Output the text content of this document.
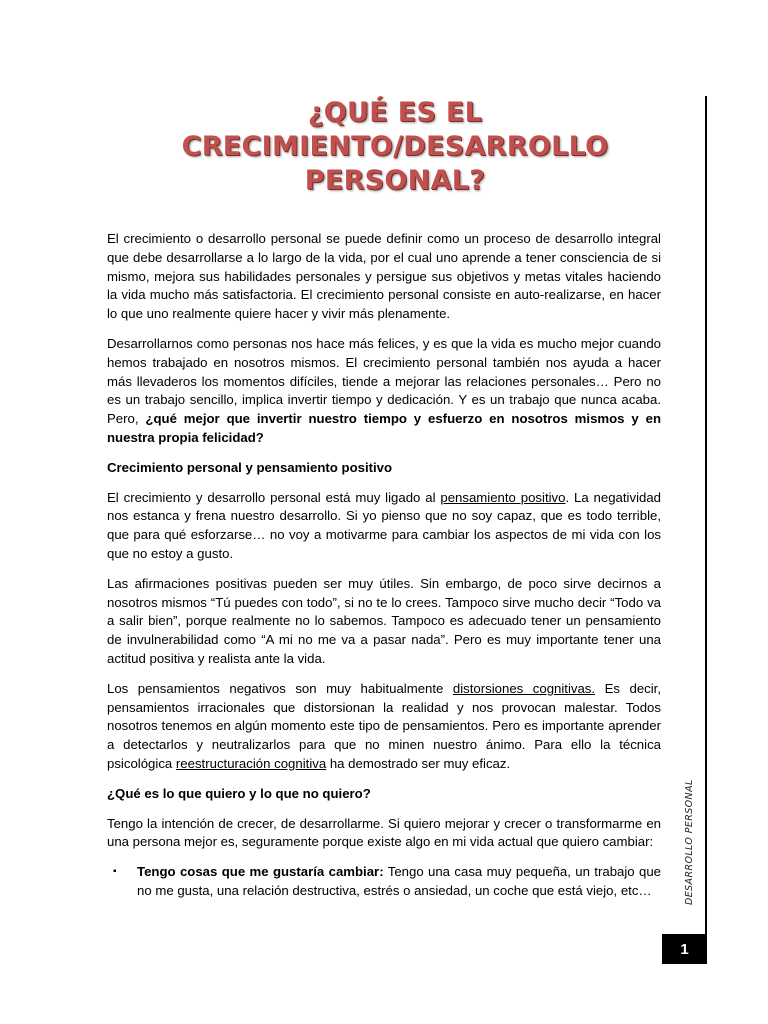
¿QUÉ ES EL CRECIMIENTO/DESARROLLO
PERSONAL?

El crecimiento o desarrollo personal se puede definir como un proceso de desarrollo integral que debe desarrollarse a lo largo de la vida, por el cual uno aprende a tener consciencia de si mismo, mejora sus habilidades personales y persigue sus objetivos y metas vitales haciendo la vida mucho más satisfactoria. El crecimiento personal consiste en auto-realizarse, en hacer lo que uno realmente quiere hacer y vivir más plenamente.

Desarrollarnos como personas nos hace más felices, y es que la vida es mucho mejor cuando hemos trabajado en nosotros mismos. El crecimiento personal también nos ayuda a hacer más llevaderos los momentos difíciles, tiende a mejorar las relaciones personales… Pero no es un trabajo sencillo, implica invertir tiempo y dedicación. Y es un trabajo que nunca acaba. Pero, ¿qué mejor que invertir nuestro tiempo y esfuerzo en nosotros mismos y en nuestra propia felicidad?

Crecimiento personal y pensamiento positivo

El crecimiento y desarrollo personal está muy ligado al pensamiento positivo. La negatividad nos estanca y frena nuestro desarrollo. Si yo pienso que no soy capaz, que es todo terrible, que para qué esforzarse… no voy a motivarme para cambiar los aspectos de mi vida con los que no estoy a gusto.

Las afirmaciones positivas pueden ser muy útiles. Sin embargo, de poco sirve decirnos a nosotros mismos “Tú puedes con todo”, si no te lo crees. Tampoco sirve mucho decir “Todo va a salir bien”, porque realmente no lo sabemos. Tampoco es adecuado tener un pensamiento de invulnerabilidad como “A mi no me va a pasar nada”. Pero es muy importante tener una actitud positiva y realista ante la vida.

Los pensamientos negativos son muy habitualmente distorsiones cognitivas. Es decir, pensamientos irracionales que distorsionan la realidad y nos provocan malestar. Todos nosotros tenemos en algún momento este tipo de pensamientos. Pero es importante aprender a detectarlos y neutralizarlos para que no minen nuestro ánimo. Para ello la técnica psicológica reestructuración cognitiva ha demostrado ser muy eficaz.

¿Qué es lo que quiero y lo que no quiero?

Tengo la intención de crecer, de desarrollarme. Si quiero mejorar y crecer o transformarme en una persona mejor es, seguramente porque existe algo en mi vida actual que quiero cambiar:

▪ Tengo cosas que me gustaría cambiar: Tengo una casa muy pequeña, un trabajo que no me gusta, una relación destructiva, estrés o ansiedad, un coche que está viejo, etc…	DESARROLLO PERSONAL
1
